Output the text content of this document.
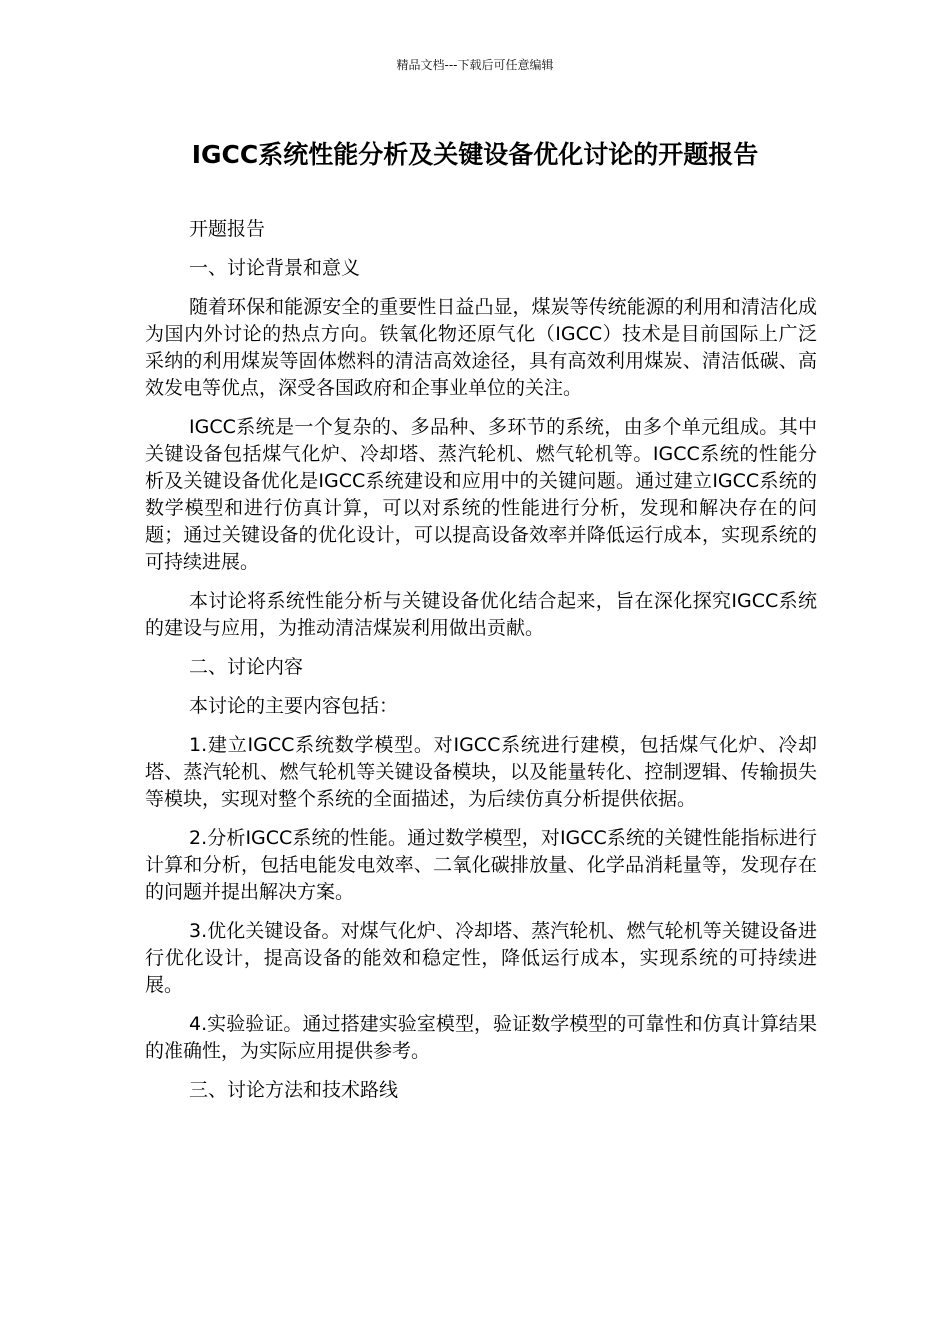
精品文档---下载后可任意编辑
IGCC系统性能分析及关键设备优化讨论的开题报告

开题报告

一、讨论背景和意义

随着环保和能源安全的重要性日益凸显，煤炭等传统能源的利用和清洁化成为国内外讨论的热点方向。铁氧化物还原气化（IGCC）技术是目前国际上广泛采纳的利用煤炭等固体燃料的清洁高效途径，具有高效利用煤炭、清洁低碳、高效发电等优点，深受各国政府和企事业单位的关注。

IGCC系统是一个复杂的、多品种、多环节的系统，由多个单元组成。其中关键设备包括煤气化炉、冷却塔、蒸汽轮机、燃气轮机等。IGCC系统的性能分析及关键设备优化是IGCC系统建设和应用中的关键问题。通过建立IGCC系统的数学模型和进行仿真计算，可以对系统的性能进行分析，发现和解决存在的问题；通过关键设备的优化设计，可以提高设备效率并降低运行成本，实现系统的可持续进展。

本讨论将系统性能分析与关键设备优化结合起来，旨在深化探究IGCC系统的建设与应用，为推动清洁煤炭利用做出贡献。

二、讨论内容

本讨论的主要内容包括：

1.建立IGCC系统数学模型。对IGCC系统进行建模，包括煤气化炉、冷却塔、蒸汽轮机、燃气轮机等关键设备模块，以及能量转化、控制逻辑、传输损失等模块，实现对整个系统的全面描述，为后续仿真分析提供依据。

2.分析IGCC系统的性能。通过数学模型，对IGCC系统的关键性能指标进行计算和分析，包括电能发电效率、二氧化碳排放量、化学品消耗量等，发现存在的问题并提出解决方案。

3.优化关键设备。对煤气化炉、冷却塔、蒸汽轮机、燃气轮机等关键设备进行优化设计，提高设备的能效和稳定性，降低运行成本，实现系统的可持续进展。

4.实验验证。通过搭建实验室模型，验证数学模型的可靠性和仿真计算结果的准确性，为实际应用提供参考。

三、讨论方法和技术路线
